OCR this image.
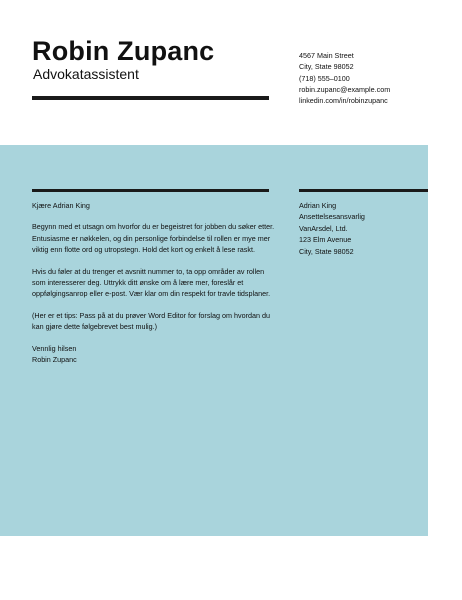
Robin Zupanc
Advokatassistent
4567 Main Street
City, State 98052
(718) 555–0100
robin.zupanc@example.com
linkedin.com/in/robinzupanc

Kjære Adrian King

Begynn med et utsagn om hvorfor du er begeistret for jobben du søker etter. Entusiasme er nøkkelen, og din personlige forbindelse til rollen er mye mer viktig enn flotte ord og utropstegn. Hold det kort og enkelt å lese raskt.

Hvis du føler at du trenger et avsnitt nummer to, ta opp områder av rollen som interesserer deg. Uttrykk ditt ønske om å lære mer, foreslår et oppfølgingsanrop eller e-post. Vær klar om din respekt for travle tidsplaner.

(Her er et tips: Pass på at du prøver Word Editor for forslag om hvordan du kan gjøre dette følgebrevet best mulig.)

Vennlig hilsen
Robin Zupanc
Adrian King
Ansettelsesansvarlig
VanArsdel, Ltd.
123 Elm Avenue
City, State 98052
